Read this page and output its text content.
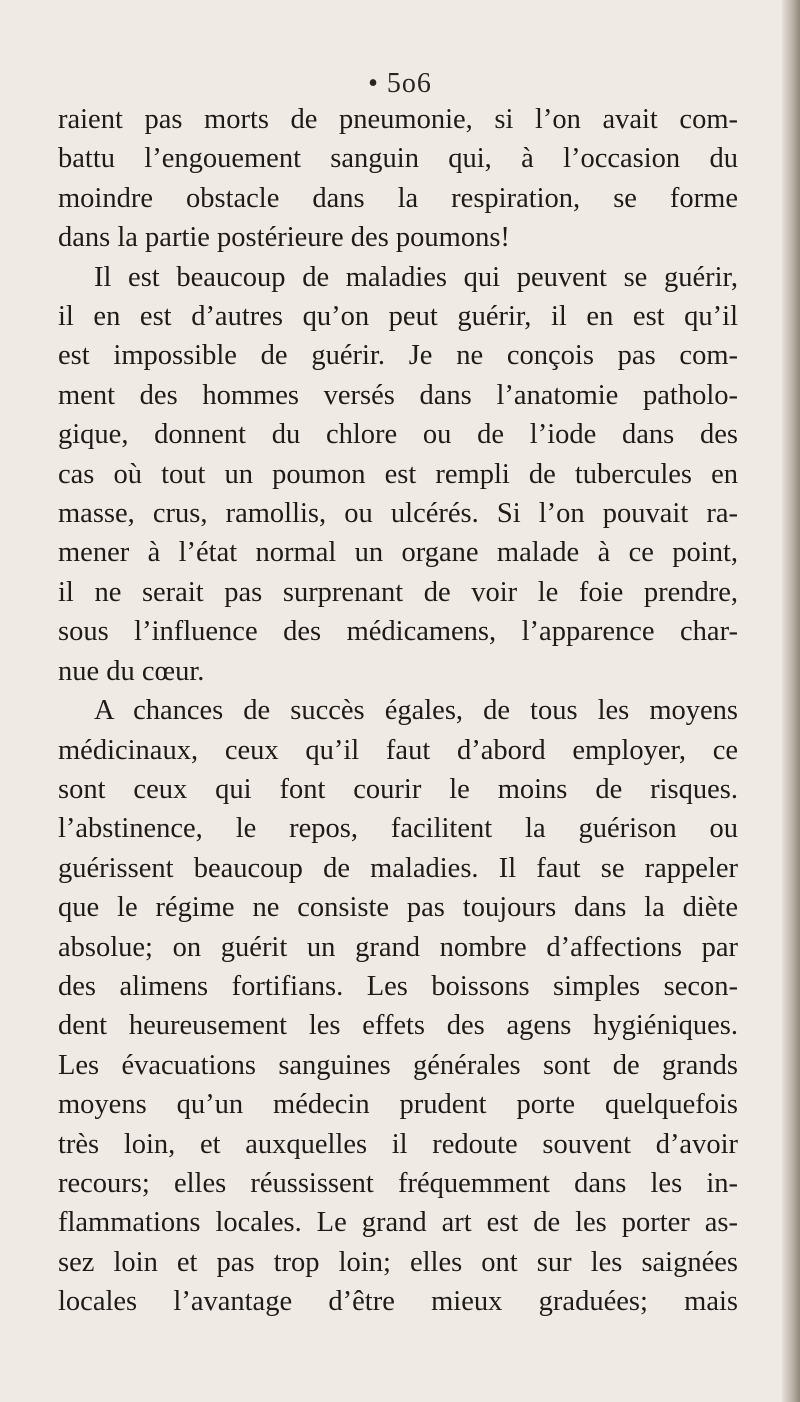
• 5o6
raient pas morts de pneumonie, si l’on avait com-
battu l’engouement sanguin qui, à l’occasion du
moindre obstacle dans la respiration, se forme
dans la partie postérieure des poumons!
Il est beaucoup de maladies qui peuvent se guérir,
il en est d’autres qu’on peut guérir, il en est qu’il
est impossible de guérir. Je ne conçois pas com-
ment des hommes versés dans l’anatomie patholo-
gique, donnent du chlore ou de l’iode dans des
cas où tout un poumon est rempli de tubercules en
masse, crus, ramollis, ou ulcérés. Si l’on pouvait ra-
mener à l’état normal un organe malade à ce point,
il ne serait pas surprenant de voir le foie prendre,
sous l’influence des médicamens, l’apparence char-
nue du cœur.
A chances de succès égales, de tous les moyens
médicinaux, ceux qu’il faut d’abord employer, ce
sont ceux qui font courir le moins de risques.
l’abstinence, le repos, facilitent la guérison ou
guérissent beaucoup de maladies. Il faut se rappeler
que le régime ne consiste pas toujours dans la diète
absolue; on guérit un grand nombre d’affections par
des alimens fortifians. Les boissons simples secon-
dent heureusement les effets des agens hygiéniques.
Les évacuations sanguines générales sont de grands
moyens qu’un médecin prudent porte quelquefois
très loin, et auxquelles il redoute souvent d’avoir
recours; elles réussissent fréquemment dans les in-
flammations locales. Le grand art est de les porter as-
sez loin et pas trop loin; elles ont sur les saignées
locales l’avantage d’être mieux graduées; mais
